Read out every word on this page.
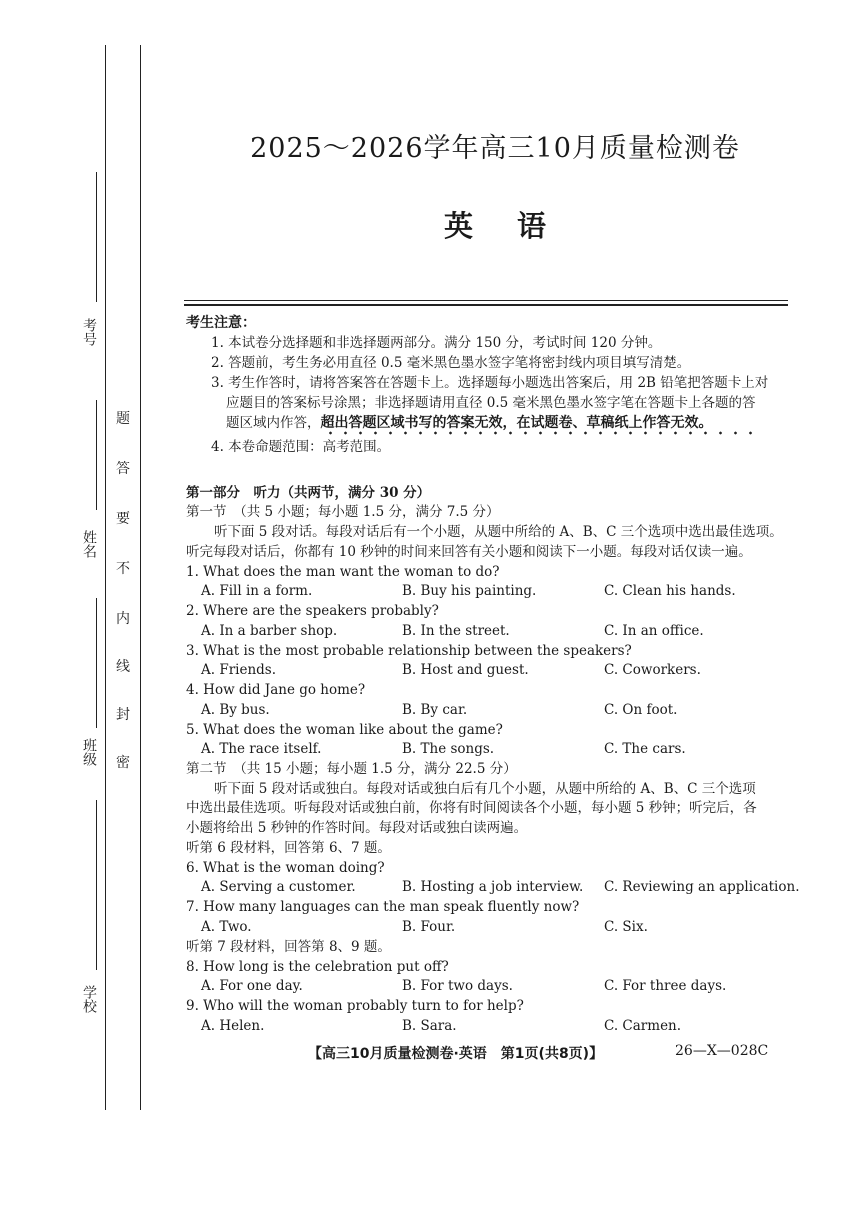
考号
姓名
班级
学校
题
答
要
不
内
线
封
密
2025～2026学年高三10月质量检测卷
英语
考生注意：
1. 本试卷分选择题和非选择题两部分。满分 150 分，考试时间 120 分钟。
2. 答题前，考生务必用直径 0.5 毫米黑色墨水签字笔将密封线内项目填写清楚。
3. 考生作答时，请将答案答在答题卡上。选择题每小题选出答案后，用 2B 铅笔把答题卡上对
应题目的答案标号涂黑；非选择题请用直径 0.5 毫米黑色墨水签字笔在答题卡上各题的答
题区域内作答，超出答题区域书写的答案无效，在试题卷、草稿纸上作答无效。
4. 本卷命题范围：高考范围。
第一部分　听力（共两节，满分 30 分）
第一节　（共 5 小题；每小题 1.5 分，满分 7.5 分）
听下面 5 段对话。每段对话后有一个小题，从题中所给的 A、B、C 三个选项中选出最佳选项。
听完每段对话后，你都有 10 秒钟的时间来回答有关小题和阅读下一小题。每段对话仅读一遍。
1. What does the man want the woman to do?
A. Fill in a form.	B. Buy his painting.	C. Clean his hands.
2. Where are the speakers probably?
A. In a barber shop.	B. In the street.	C. In an office.
3. What is the most probable relationship between the speakers?
A. Friends.	B. Host and guest.	C. Coworkers.
4. How did Jane go home?
A. By bus.	B. By car.	C. On foot.
5. What does the woman like about the game?
A. The race itself.	B. The songs.	C. The cars.
第二节　（共 15 小题；每小题 1.5 分，满分 22.5 分）
听下面 5 段对话或独白。每段对话或独白后有几个小题，从题中所给的 A、B、C 三个选项
中选出最佳选项。听每段对话或独白前，你将有时间阅读各个小题，每小题 5 秒钟；听完后，各
小题将给出 5 秒钟的作答时间。每段对话或独白读两遍。
听第 6 段材料，回答第 6、7 题。
6. What is the woman doing?
A. Serving a customer.	B. Hosting a job interview. C. Reviewing an application.
7. How many languages can the man speak fluently now?
A. Two.	B. Four.	C. Six.
听第 7 段材料，回答第 8、9 题。
8. How long is the celebration put off?
A. For one day.	B. For two days.	C. For three days.
9. Who will the woman probably turn to for help?
A. Helen.	B. Sara.	C. Carmen.
【高三10月质量检测卷·英语　第1页(共8页)】	26—X—028C
